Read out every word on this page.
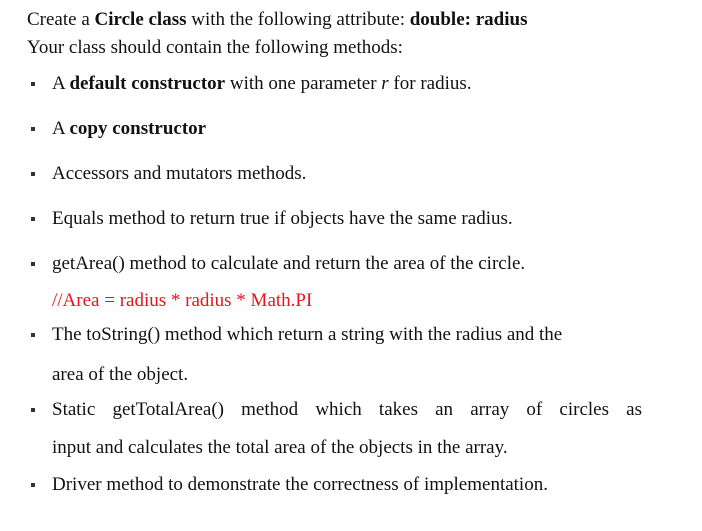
Create a Circle class with the following attribute: double: radius
Your class should contain the following methods:
A default constructor with one parameter r for radius.
A copy constructor
Accessors and mutators methods.
Equals method to return true if objects have the same radius.
getArea() method to calculate and return the area of the circle.
//Area = radius * radius * Math.PI
The toString() method which return a string with the radius and the
area of the object.
Static getTotalArea() method which takes an array of circles as
input and calculates the total area of the objects in the array.
Driver method to demonstrate the correctness of implementation.
